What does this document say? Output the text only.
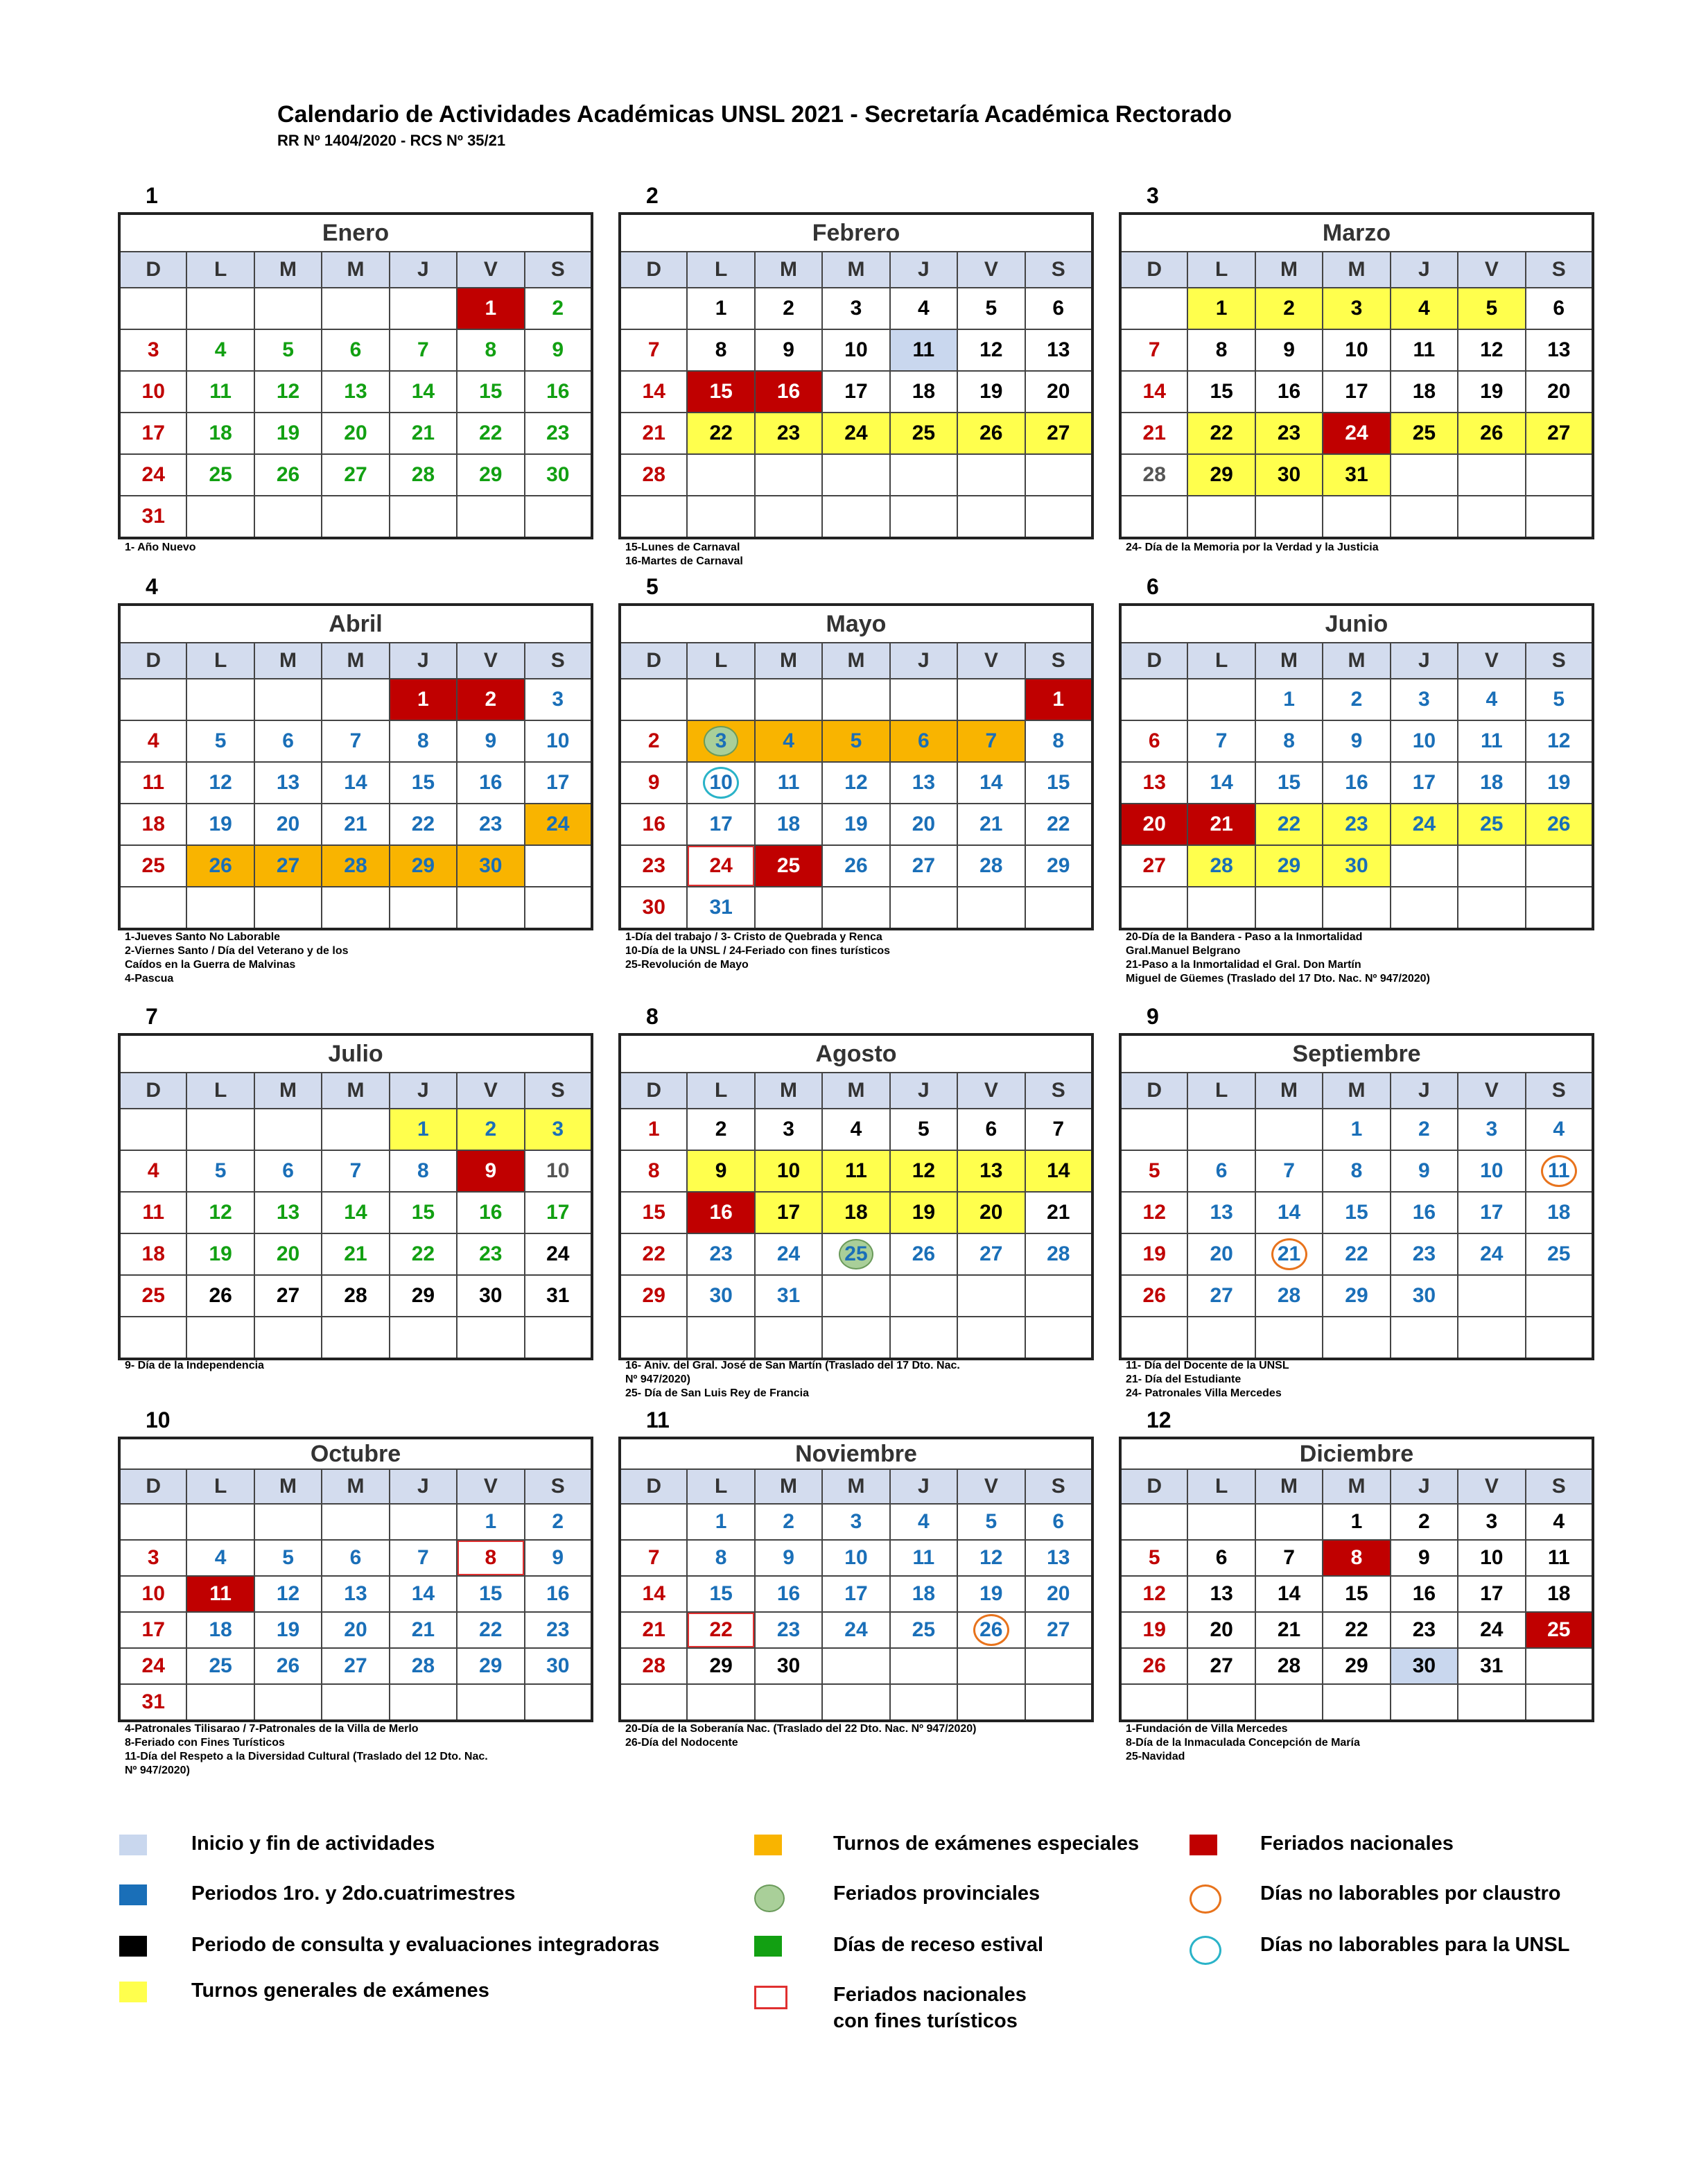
Calendario de Actividades Académicas UNSL 2021 - Secretaría Académica Rectorado
RR Nº 1404/2020 - RCS Nº 35/21
1
Enero						
D	L	M	M	J	V	S
					1	2
3	4	5	6	7	8	9
10	11	12	13	14	15	16
17	18	19	20	21	22	23
24	25	26	27	28	29	30
31						
1- Año Nuevo
2
Febrero						
D	L	M	M	J	V	S
	1	2	3	4	5	6
7	8	9	10	11	12	13
14	15	16	17	18	19	20
21	22	23	24	25	26	27
28						

15-Lunes de Carnaval
16-Martes de Carnaval
3
Marzo						
D	L	M	M	J	V	S
	1	2	3	4	5	6
7	8	9	10	11	12	13
14	15	16	17	18	19	20
21	22	23	24	25	26	27
28	29	30	31			

24- Día de la Memoria por la Verdad y la Justicia
4
Abril						
D	L	M	M	J	V	S
				1	2	3
4	5	6	7	8	9	10
11	12	13	14	15	16	17
18	19	20	21	22	23	24
25	26	27	28	29	30	

1-Jueves Santo No Laborable
2-Viernes Santo / Día del Veterano y de los
Caídos en la Guerra de Malvinas
4-Pascua
5
Mayo						
D	L	M	M	J	V	S
						1
2	3	4	5	6	7	8
9	10	11	12	13	14	15
16	17	18	19	20	21	22
23	24	25	26	27	28	29
30	31					
1-Día del trabajo / 3- Cristo de Quebrada y Renca
10-Día de la UNSL / 24-Feriado con fines turísticos
25-Revolución de Mayo
6
Junio						
D	L	M	M	J	V	S
		1	2	3	4	5
6	7	8	9	10	11	12
13	14	15	16	17	18	19
20	21	22	23	24	25	26
27	28	29	30			

20-Día de la Bandera - Paso a la Inmortalidad
Gral.Manuel Belgrano
21-Paso a la Inmortalidad el Gral. Don Martín
Miguel de Güemes (Traslado del 17 Dto. Nac. Nº 947/2020)
7
Julio						
D	L	M	M	J	V	S
				1	2	3
4	5	6	7	8	9	10
11	12	13	14	15	16	17
18	19	20	21	22	23	24
25	26	27	28	29	30	31

9- Día de la Independencia
8
Agosto						
D	L	M	M	J	V	S
1	2	3	4	5	6	7
8	9	10	11	12	13	14
15	16	17	18	19	20	21
22	23	24	25	26	27	28
29	30	31				

16- Aniv. del Gral. José de San Martín (Traslado del 17 Dto. Nac.
Nº 947/2020)
25- Día de San Luis Rey de Francia
9
Septiembre						
D	L	M	M	J	V	S
			1	2	3	4
5	6	7	8	9	10	11
12	13	14	15	16	17	18
19	20	21	22	23	24	25
26	27	28	29	30		

11- Día del Docente de la UNSL
21- Día del Estudiante
24- Patronales Villa Mercedes
10
Octubre						
D	L	M	M	J	V	S
					1	2
3	4	5	6	7	8	9
10	11	12	13	14	15	16
17	18	19	20	21	22	23
24	25	26	27	28	29	30
31						
4-Patronales Tilisarao / 7-Patronales de la Villa de Merlo
8-Feriado con Fines Turísticos
11-Día del Respeto a la Diversidad Cultural (Traslado del 12 Dto. Nac.
Nº 947/2020)
11
Noviembre						
D	L	M	M	J	V	S
	1	2	3	4	5	6
7	8	9	10	11	12	13
14	15	16	17	18	19	20
21	22	23	24	25	26	27
28	29	30				

20-Día de la Soberanía Nac. (Traslado del 22 Dto. Nac. Nº 947/2020)
26-Día del Nodocente
12
Diciembre						
D	L	M	M	J	V	S
			1	2	3	4
5	6	7	8	9	10	11
12	13	14	15	16	17	18
19	20	21	22	23	24	25
26	27	28	29	30	31	

1-Fundación de Villa Mercedes
8-Día de la Inmaculada Concepción de María
25-Navidad
Inicio y fin de actividades
Periodos 1ro. y 2do.cuatrimestres
Periodo de consulta y evaluaciones integradoras
Turnos generales de exámenes
Turnos de exámenes especiales
Feriados provinciales
Días de receso estival
Feriados nacionales
con fines turísticos
Feriados nacionales
Días no laborables por claustro
Días no laborables para la UNSL
